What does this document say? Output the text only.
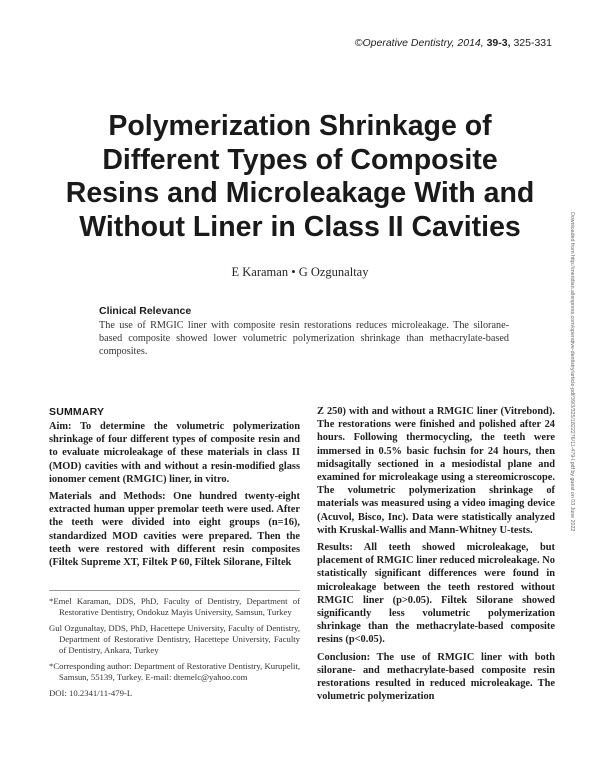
©Operative Dentistry, 2014, 39-3, 325-331
Polymerization Shrinkage of
Different Types of Composite
Resins and Microleakage With and
Without Liner in Class II Cavities
E Karaman • G Ozgunaltay
Clinical Relevance
The use of RMGIC liner with composite resin restorations reduces microleakage. The silorane-based composite showed lower volumetric polymerization shrinkage than methacrylate-based composites.
SUMMARY

Aim: To determine the volumetric polymerization shrinkage of four different types of composite resin and to evaluate microleakage of these materials in class II (MOD) cavities with and without a resin-modified glass ionomer cement (RMGIC) liner, in vitro.

Materials and Methods: One hundred twenty-eight extracted human upper premolar teeth were used. After the teeth were divided into eight groups (n=16), standardized MOD cavities were prepared. Then the teeth were restored with different resin composites (Filtek Supreme XT, Filtek P 60, Filtek Silorane, Filtek

*Emel Karaman, DDS, PhD, Faculty of Dentistry, Department of Restorative Dentistry, Ondokuz Mayis University, Samsun, Turkey

Gul Ozgunaltay, DDS, PhD, Hacettepe University, Faculty of Dentistry, Department of Restorative Dentistry, Hacettepe University, Faculty of Dentistry, Ankara, Turkey

*Corresponding author: Department of Restorative Dentistry, Kurupelit, Samsun, 55139, Turkey. E-mail: dtemelc@yahoo.com

DOI: 10.2341/11-479-L

Z 250) with and without a RMGIC liner (Vitrebond). The restorations were finished and polished after 24 hours. Following thermocycling, the teeth were immersed in 0.5% basic fuchsin for 24 hours, then midsagitally sectioned in a mesiodistal plane and examined for microleakage using a stereomicroscope. The volumetric polymerization shrinkage of materials was measured using a video imaging device (Acuvol, Bisco, Inc). Data were statistically analyzed with Kruskal-Wallis and Mann-Whitney U-tests.

Results: All teeth showed microleakage, but placement of RMGIC liner reduced microleakage. No statistically significant differences were found in microleakage between the teeth restored without RMGIC liner (p>0.05). Filtek Silorane showed significantly less volumetric polymerization shrinkage than the methacrylate-based composite resins (p<0.05).

Conclusion: The use of RMGIC liner with both silorane- and methacrylate-based composite resin restorations resulted in reduced microleakage. The volumetric polymerization

Downloaded from http://meridian.allenpress.com/operative-dentistry/article-pdf/39/3/325/1822276/11-479-l.pdf by guest on 03 June 2022
